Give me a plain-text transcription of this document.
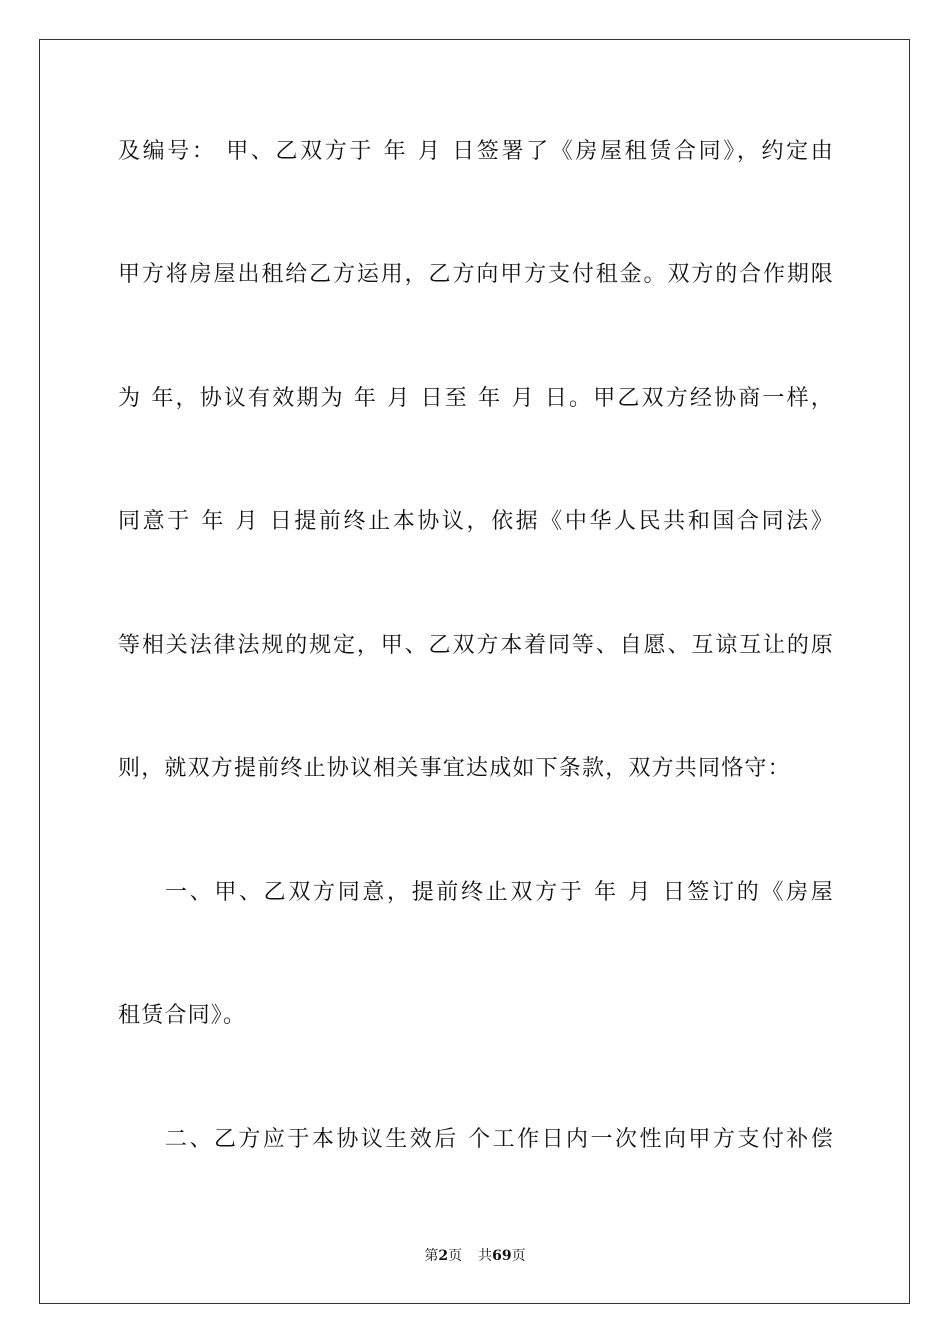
及编号： 甲、乙双方于 年 月 日签署了《房屋租赁合同》，约定由
甲方将房屋出租给乙方运用，乙方向甲方支付租金。双方的合作期限
为 年，协议有效期为 年 月 日至 年 月 日。甲乙双方经协商一样，
同意于 年 月 日提前终止本协议，依据《中华人民共和国合同法》
等相关法律法规的规定，甲、乙双方本着同等、自愿、互谅互让的原
则，就双方提前终止协议相关事宜达成如下条款，双方共同恪守：
一、甲、乙双方同意，提前终止双方于 年 月 日签订的《房屋
租赁合同》。
二、乙方应于本协议生效后 个工作日内一次性向甲方支付补偿
第2页 共69页
